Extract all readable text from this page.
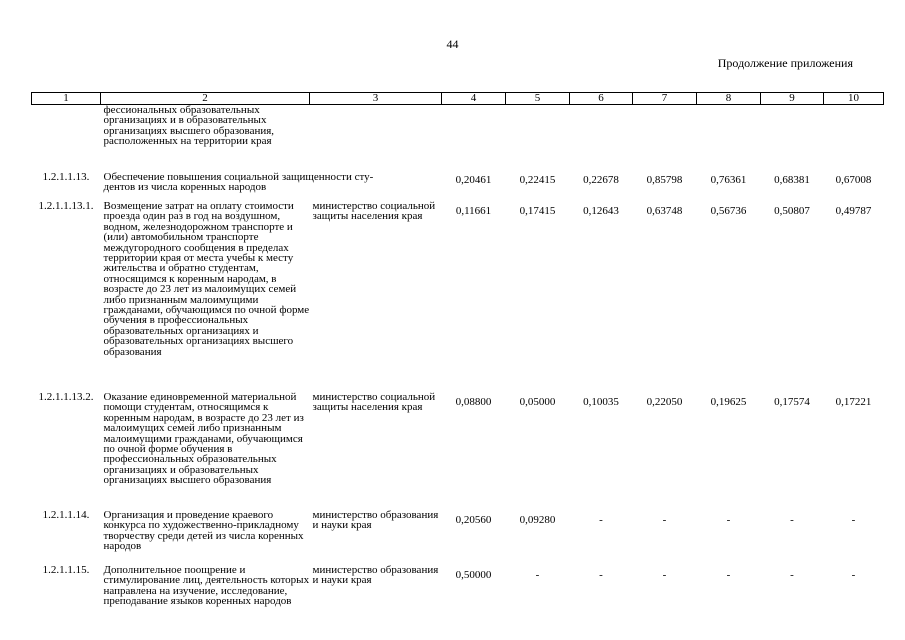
44
Продолжение приложения
1	2	3	4	5	6	7	8	9	10
	фессиональных образовательных организациях и в образовательных организациях высшего образования, расположенных на территории края								
1.2.1.1.13.	Обеспечение повышения социальной защищенности сту-
дентов из числа коренных народов		0,20461	0,22415	0,22678	0,85798	0,76361	0,68381	0,67008
1.2.1.1.13.1.	Возмещение затрат на оплату стоимости проезда один раз в год на воздушном, водном, железнодорожном транспорте и (или) автомобильном транспорте междугородного сообщения в пределах территории края от места учебы к месту жительства и обратно студентам, относящимся к коренным народам, в возрасте до 23 лет из малоимущих семей либо признанным малоимущими гражданами, обучающимся по очной форме обучения в профессиональных образовательных организациях и образовательных организациях высшего образования	министерство социальной защиты населения края	0,11661	0,17415	0,12643	0,63748	0,56736	0,50807	0,49787
1.2.1.1.13.2.	Оказание единовременной материальной помощи студентам, относящимся к коренным народам, в возрасте до 23 лет из малоимущих семей либо признанным малоимущими гражданами, обучающимся по очной форме обучения в профессиональных образовательных организациях и образовательных организациях высшего образования	министерство социальной защиты населения края	0,08800	0,05000	0,10035	0,22050	0,19625	0,17574	0,17221
1.2.1.1.14.	Организация и проведение краевого конкурса по художественно-прикладному творчеству среди детей из числа коренных народов	министерство образования и науки края	0,20560	0,09280	-	-	-	-	-
1.2.1.1.15.	Дополнительное поощрение и стимулирование лиц, деятельность которых направлена на изучение, исследование, преподавание языков коренных народов	министерство образования и науки края	0,50000	-	-	-	-	-	-
